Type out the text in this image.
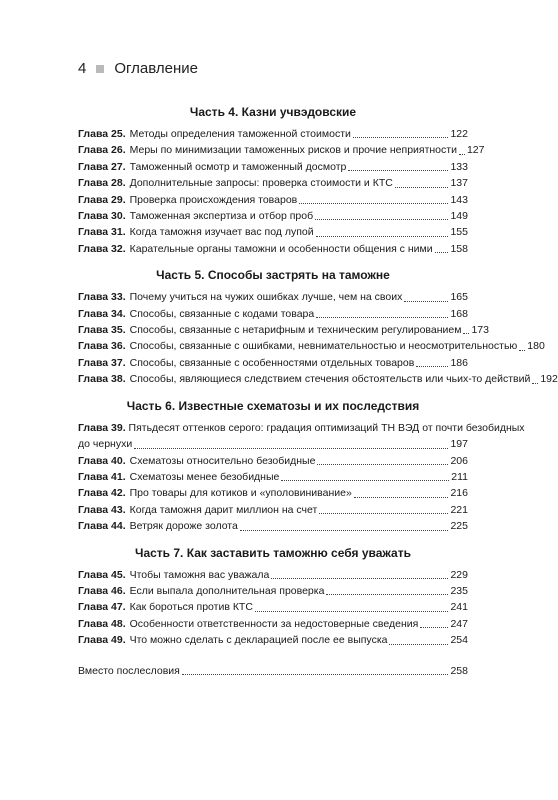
4 Оглавление
Часть 4. Казни учвэдовские
Глава 25. Методы определения таможенной стоимости	122
Глава 26. Меры по минимизации таможенных рисков и прочие неприятности 127
Глава 27. Таможенный осмотр и таможенный досмотр	133
Глава 28. Дополнительные запросы: проверка стоимости и КТС	137
Глава 29. Проверка происхождения товаров	143
Глава 30. Таможенная экспертиза и отбор проб	149
Глава 31. Когда таможня изучает вас под лупой	155
Глава 32. Карательные органы таможни и особенности общения с ними 158
Часть 5. Способы застрять на таможне
Глава 33. Почему учиться на чужих ошибках лучше, чем на своих	165
Глава 34. Способы, связанные с кодами товара	168
Глава 35. Способы, связанные с нетарифным и техническим регулированием 173
Глава 36. Способы, связанные с ошибками, невнимательностью и неосмотрительностью 180
Глава 37. Способы, связанные с особенностями отдельных товаров	186
Глава 38. Способы, являющиеся следствием стечения обстоятельств или чьих-то действий 192
Часть 6. Известные схематозы и их последствия
Глава 39. Пятьдесят оттенков серого: градация оптимизаций ТН ВЭД от почти безобидных
до чернухи	197
Глава 40. Схематозы относительно безобидные	206
Глава 41. Схематозы менее безобидные	211
Глава 42. Про товары для котиков и «уполовинивание»	216
Глава 43. Когда таможня дарит миллион на счет	221
Глава 44. Ветряк дороже золота	225
Часть 7. Как заставить таможню себя уважать
Глава 45. Чтобы таможня вас уважала	229
Глава 46. Если выпала дополнительная проверка	235
Глава 47. Как бороться против КТС	241
Глава 48. Особенности ответственности за недостоверные сведения	247
Глава 49. Что можно сделать с декларацией после ее выпуска	254
Вместо послесловия	258
